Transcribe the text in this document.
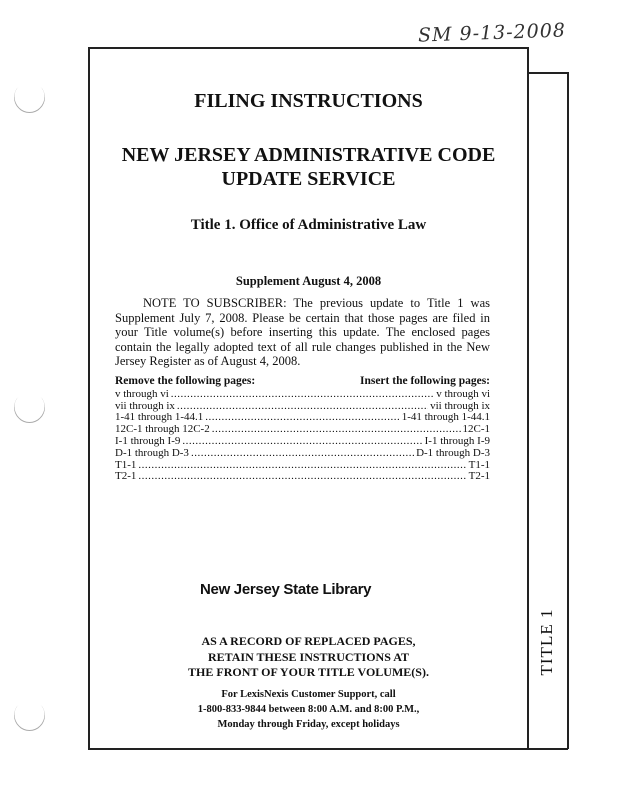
SM 9-13-2008
TITLE 1
FILING INSTRUCTIONS
NEW JERSEY ADMINISTRATIVE CODE
UPDATE SERVICE
Title 1. Office of Administrative Law
Supplement August 4, 2008
NOTE TO SUBSCRIBER: The previous update to Title 1 was Supplement July 7, 2008. Please be certain that those pages are filed in your Title volume(s) before inserting this update. The enclosed pages contain the legally adopted text of all rule changes published in the New Jersey Register as of August 4, 2008.
Remove the following pages:	Insert the following pages:
v through vi .....	v through vi
vii through ix .....	vii through ix
1-41 through 1-44.1 .....	1-41 through 1-44.1
12C-1 through 12C-2 .....	12C-1
I-1 through I-9 .....	I-1 through I-9
D-1 through D-3 .....	D-1 through D-3
T1-1 .....	T1-1
T2-1 .....	T2-1
New Jersey State Library
AS A RECORD OF REPLACED PAGES,
RETAIN THESE INSTRUCTIONS AT
THE FRONT OF YOUR TITLE VOLUME(S).
For LexisNexis Customer Support, call
1-800-833-9844 between 8:00 A.M. and 8:00 P.M.,
Monday through Friday, except holidays
